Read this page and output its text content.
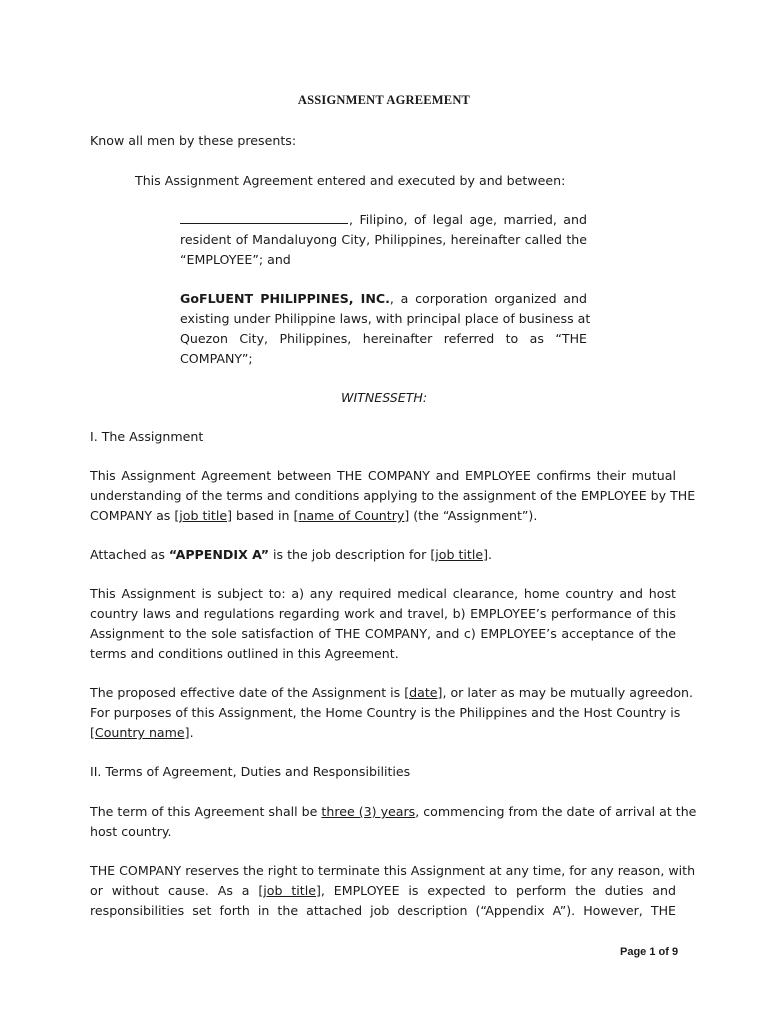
ASSIGNMENT AGREEMENT
Know all men by these presents:
This Assignment Agreement entered and executed by and between:
, Filipino, of legal age, married, and
resident of Mandaluyong City, Philippines, hereinafter called the
“EMPLOYEE”; and
GoFLUENT PHILIPPINES, INC., a corporation organized and
existing under Philippine laws, with principal place of business at
Quezon City, Philippines, hereinafter referred to as “THE
COMPANY”;
WITNESSETH:
I. The Assignment
This Assignment Agreement between THE COMPANY and EMPLOYEE confirms their mutual
understanding of the terms and conditions applying to the assignment of the EMPLOYEE by THE
COMPANY as [job title] based in [name of Country] (the “Assignment”).
Attached as “APPENDIX A” is the job description for [job title].
This Assignment is subject to: a) any required medical clearance, home country and host
country laws and regulations regarding work and travel, b) EMPLOYEE’s performance of this
Assignment to the sole satisfaction of THE COMPANY, and c) EMPLOYEE’s acceptance of the
terms and conditions outlined in this Agreement.
The proposed effective date of the Assignment is [date], or later as may be mutually agreedon.
For purposes of this Assignment, the Home Country is the Philippines and the Host Country is
[Country name].
II. Terms of Agreement, Duties and Responsibilities
The term of this Agreement shall be three (3) years, commencing from the date of arrival at the
host country.
THE COMPANY reserves the right to terminate this Assignment at any time, for any reason, with
or without cause. As a [job title], EMPLOYEE is expected to perform the duties and
responsibilities set forth in the attached job description (“Appendix A”). However, THE
Page 1 of 9
